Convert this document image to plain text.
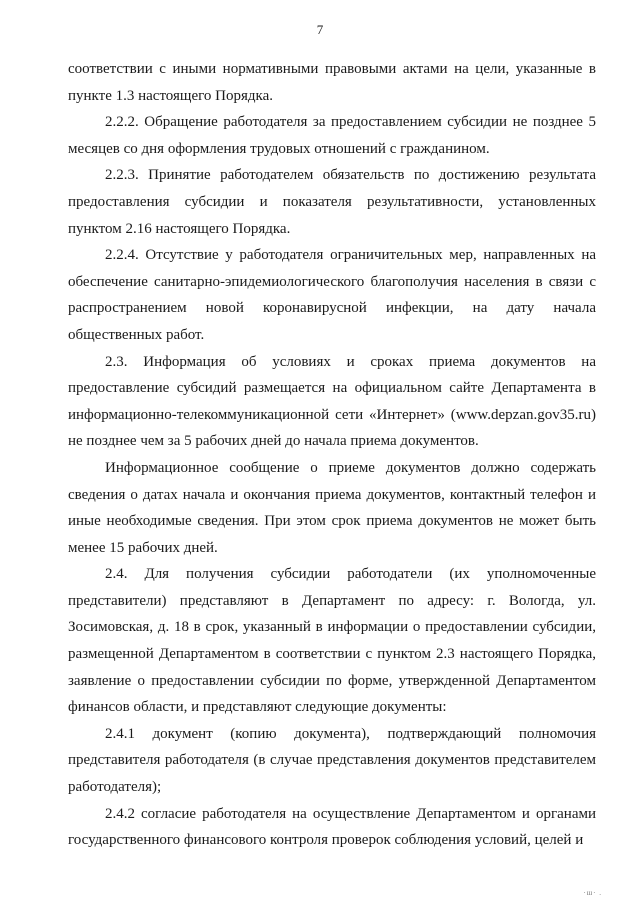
7

соответствии с иными нормативными правовыми актами на цели, указанные в пункте 1.3 настоящего Порядка.

2.2.2. Обращение работодателя за предоставлением субсидии не позднее 5 месяцев со дня оформления трудовых отношений с гражданином.

2.2.3. Принятие работодателем обязательств по достижению результата предоставления субсидии и показателя результативности, установленных пунктом 2.16 настоящего Порядка.

2.2.4. Отсутствие у работодателя ограничительных мер, направленных на обеспечение санитарно-эпидемиологического благополучия населения в связи с распространением новой коронавирусной инфекции, на дату начала общественных работ.

2.3. Информация об условиях и сроках приема документов на предоставление субсидий размещается на официальном сайте Департамента в информационно-телекоммуникационной сети «Интернет» (www.depzan.gov35.ru) не позднее чем за 5 рабочих дней до начала приема документов.

Информационное сообщение о приеме документов должно содержать сведения о датах начала и окончания приема документов, контактный телефон и иные необходимые сведения. При этом срок приема документов не может быть менее 15 рабочих дней.

2.4. Для получения субсидии работодатели (их уполномоченные представители) представляют в Департамент по адресу: г. Вологда, ул. Зосимовская, д. 18 в срок, указанный в информации о предоставлении субсидии, размещенной Департаментом в соответствии с пунктом 2.3 настоящего Порядка, заявление о предоставлении субсидии по форме, утвержденной Департаментом финансов области, и представляют следующие документы:

2.4.1 документ (копию документа), подтверждающий полномочия представителя работодателя (в случае представления документов представителем работодателя);

2.4.2 согласие работодателя на осуществление Департаментом и органами государственного финансового контроля проверок соблюдения условий, целей и

·ш· .
